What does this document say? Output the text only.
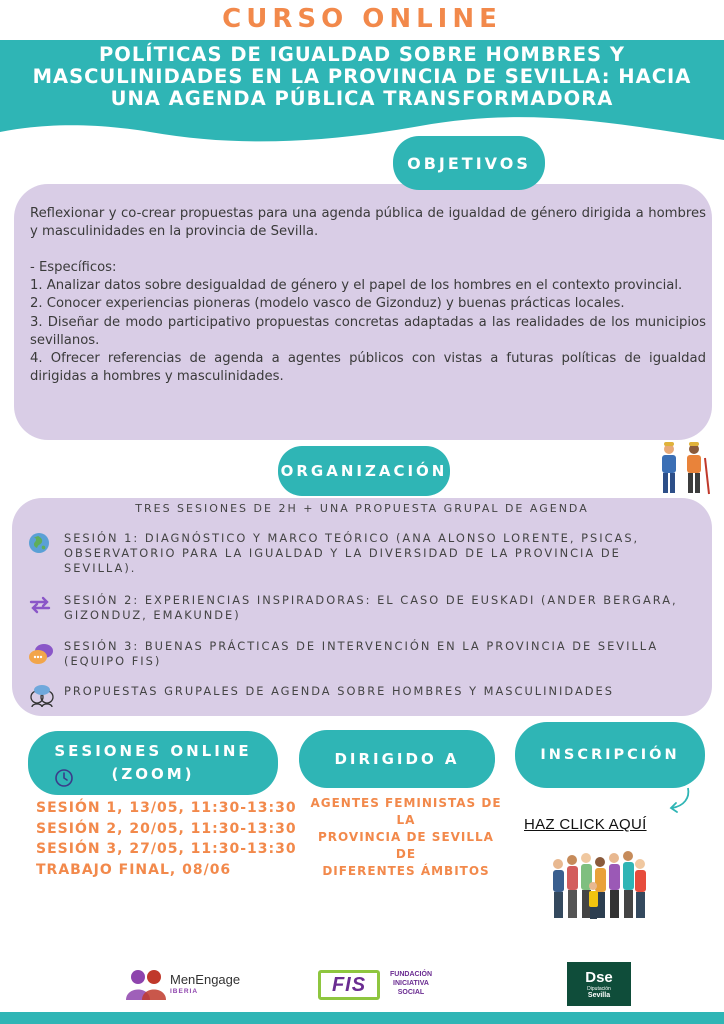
CURSO ONLINE
POLÍTICAS DE IGUALDAD SOBRE HOMBRES Y
MASCULINIDADES EN LA PROVINCIA DE SEVILLA: HACIA
UNA AGENDA PÚBLICA TRANSFORMADORA
OBJETIVOS
Reflexionar y co-crear propuestas para una agenda pública de igualdad de género dirigida a hombres y masculinidades en la provincia de Sevilla.

- Específicos:
1. Analizar datos sobre desigualdad de género y el papel de los hombres en el contexto provincial.
2. Conocer experiencias pioneras (modelo vasco de Gizonduz) y buenas prácticas locales.
3. Diseñar de modo participativo propuestas concretas adaptadas a las realidades de los municipios sevillanos.
4. Ofrecer referencias de agenda a agentes públicos con vistas a futuras políticas de igualdad dirigidas a hombres y masculinidades.
ORGANIZACIÓN
TRES SESIONES DE 2H + UNA PROPUESTA GRUPAL DE AGENDA
SESIÓN 1: DIAGNÓSTICO Y MARCO TEÓRICO (ANA ALONSO LORENTE, PSICAS, OBSERVATORIO PARA LA IGUALDAD Y LA DIVERSIDAD DE LA PROVINCIA DE SEVILLA).
SESIÓN 2: EXPERIENCIAS INSPIRADORAS: EL CASO DE EUSKADI (ANDER BERGARA, GIZONDUZ, EMAKUNDE)
SESIÓN 3: BUENAS PRÁCTICAS DE INTERVENCIÓN EN LA PROVINCIA DE SEVILLA (EQUIPO FIS)
PROPUESTAS GRUPALES DE AGENDA SOBRE HOMBRES Y MASCULINIDADES
SESIONES ONLINE
(ZOOM)
SESIÓN 1, 13/05, 11:30-13:30
SESIÓN 2, 20/05, 11:30-13:30
SESIÓN 3, 27/05, 11:30-13:30
TRABAJO FINAL, 08/06
DIRIGIDO A
AGENTES FEMINISTAS DE LA
PROVINCIA DE SEVILLA DE
DIFERENTES ÁMBITOS
INSCRIPCIÓN
HAZ CLICK AQUÍ
MenEngage
IBERIA	FIS	FUNDACIÓN
INICIATIVA
SOCIAL
Dse
Diputación
Sevilla
